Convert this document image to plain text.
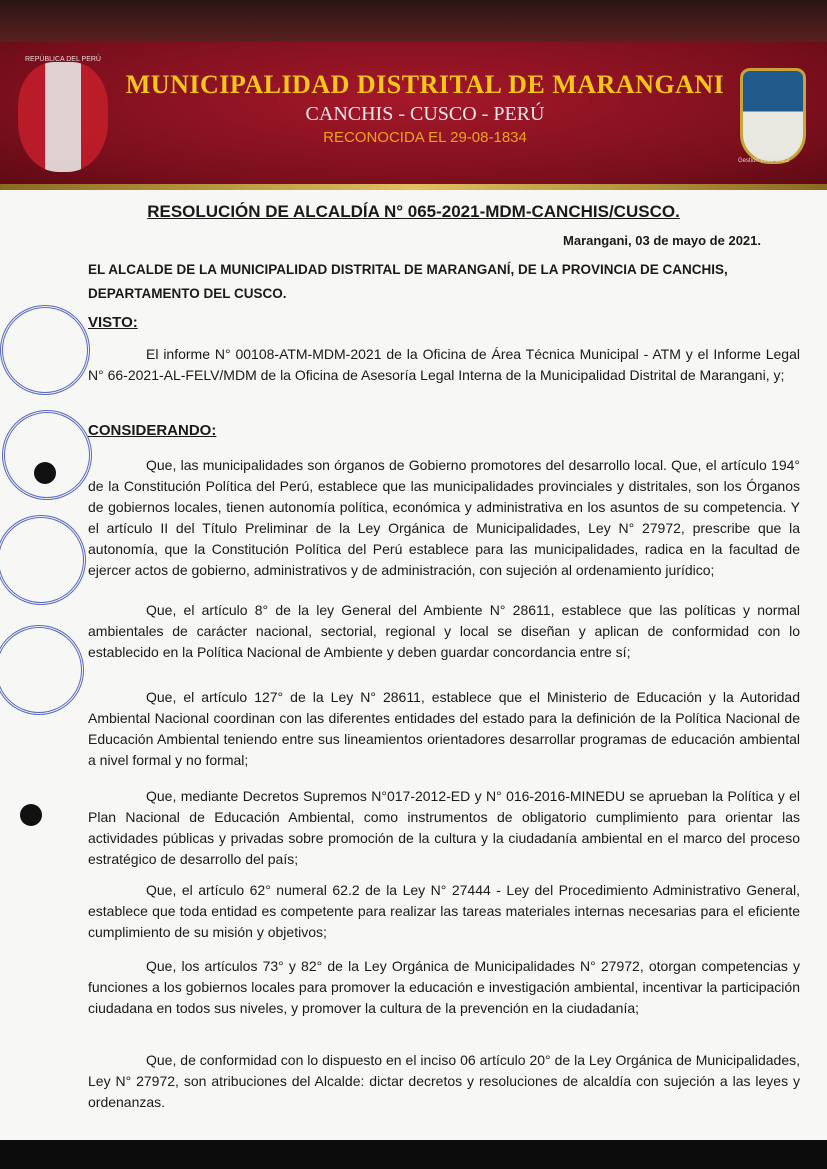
REPÚBLICA DEL PERÚ
MUNICIPALIDAD DISTRITAL DE MARANGANI
CANCHIS - CUSCO - PERÚ
RECONOCIDA EL 29-08-1834
Gestión 2019-2022
RESOLUCIÓN DE ALCALDÍA N° 065-2021-MDM-CANCHIS/CUSCO.
Marangani, 03 de mayo de 2021.
EL ALCALDE DE LA MUNICIPALIDAD DISTRITAL DE MARANGANÍ, DE LA PROVINCIA DE CANCHIS, DEPARTAMENTO DEL CUSCO.
VISTO:
El informe N° 00108-ATM-MDM-2021 de la Oficina de Área Técnica Municipal - ATM y el Informe Legal N° 66-2021-AL-FELV/MDM de la Oficina de Asesoría Legal Interna de la Municipalidad Distrital de Marangani, y;
CONSIDERANDO:
Que, las municipalidades son órganos de Gobierno promotores del desarrollo local. Que, el artículo 194° de la Constitución Política del Perú, establece que las municipalidades provinciales y distritales, son los Órganos de gobiernos locales, tienen autonomía política, económica y administrativa en los asuntos de su competencia. Y el artículo II del Título Preliminar de la Ley Orgánica de Municipalidades, Ley N° 27972, prescribe que la autonomía, que la Constitución Política del Perú establece para las municipalidades, radica en la facultad de ejercer actos de gobierno, administrativos y de administración, con sujeción al ordenamiento jurídico;
Que, el artículo 8° de la ley General del Ambiente N° 28611, establece que las políticas y normal ambientales de carácter nacional, sectorial, regional y local se diseñan y aplican de conformidad con lo establecido en la Política Nacional de Ambiente y deben guardar concordancia entre sí;
Que, el artículo 127° de la Ley N° 28611, establece que el Ministerio de Educación y la Autoridad Ambiental Nacional coordinan con las diferentes entidades del estado para la definición de la Política Nacional de Educación Ambiental teniendo entre sus lineamientos orientadores desarrollar programas de educación ambiental a nivel formal y no formal;
Que, mediante Decretos Supremos N°017-2012-ED y N° 016-2016-MINEDU se aprueban la Política y el Plan Nacional de Educación Ambiental, como instrumentos de obligatorio cumplimiento para orientar las actividades públicas y privadas sobre promoción de la cultura y la ciudadanía ambiental en el marco del proceso estratégico de desarrollo del país;
Que, el artículo 62° numeral 62.2 de la Ley N° 27444 - Ley del Procedimiento Administrativo General, establece que toda entidad es competente para realizar las tareas materiales internas necesarias para el eficiente cumplimiento de su misión y objetivos;
Que, los artículos 73° y 82° de la Ley Orgánica de Municipalidades N° 27972, otorgan competencias y funciones a los gobiernos locales para promover la educación e investigación ambiental, incentivar la participación ciudadana en todos sus niveles, y promover la cultura de la prevención en la ciudadanía;
Que, de conformidad con lo dispuesto en el inciso 06 artículo 20° de la Ley Orgánica de Municipalidades, Ley N° 27972, son atribuciones del Alcalde: dictar decretos y resoluciones de alcaldía con sujeción a las leyes y ordenanzas.
